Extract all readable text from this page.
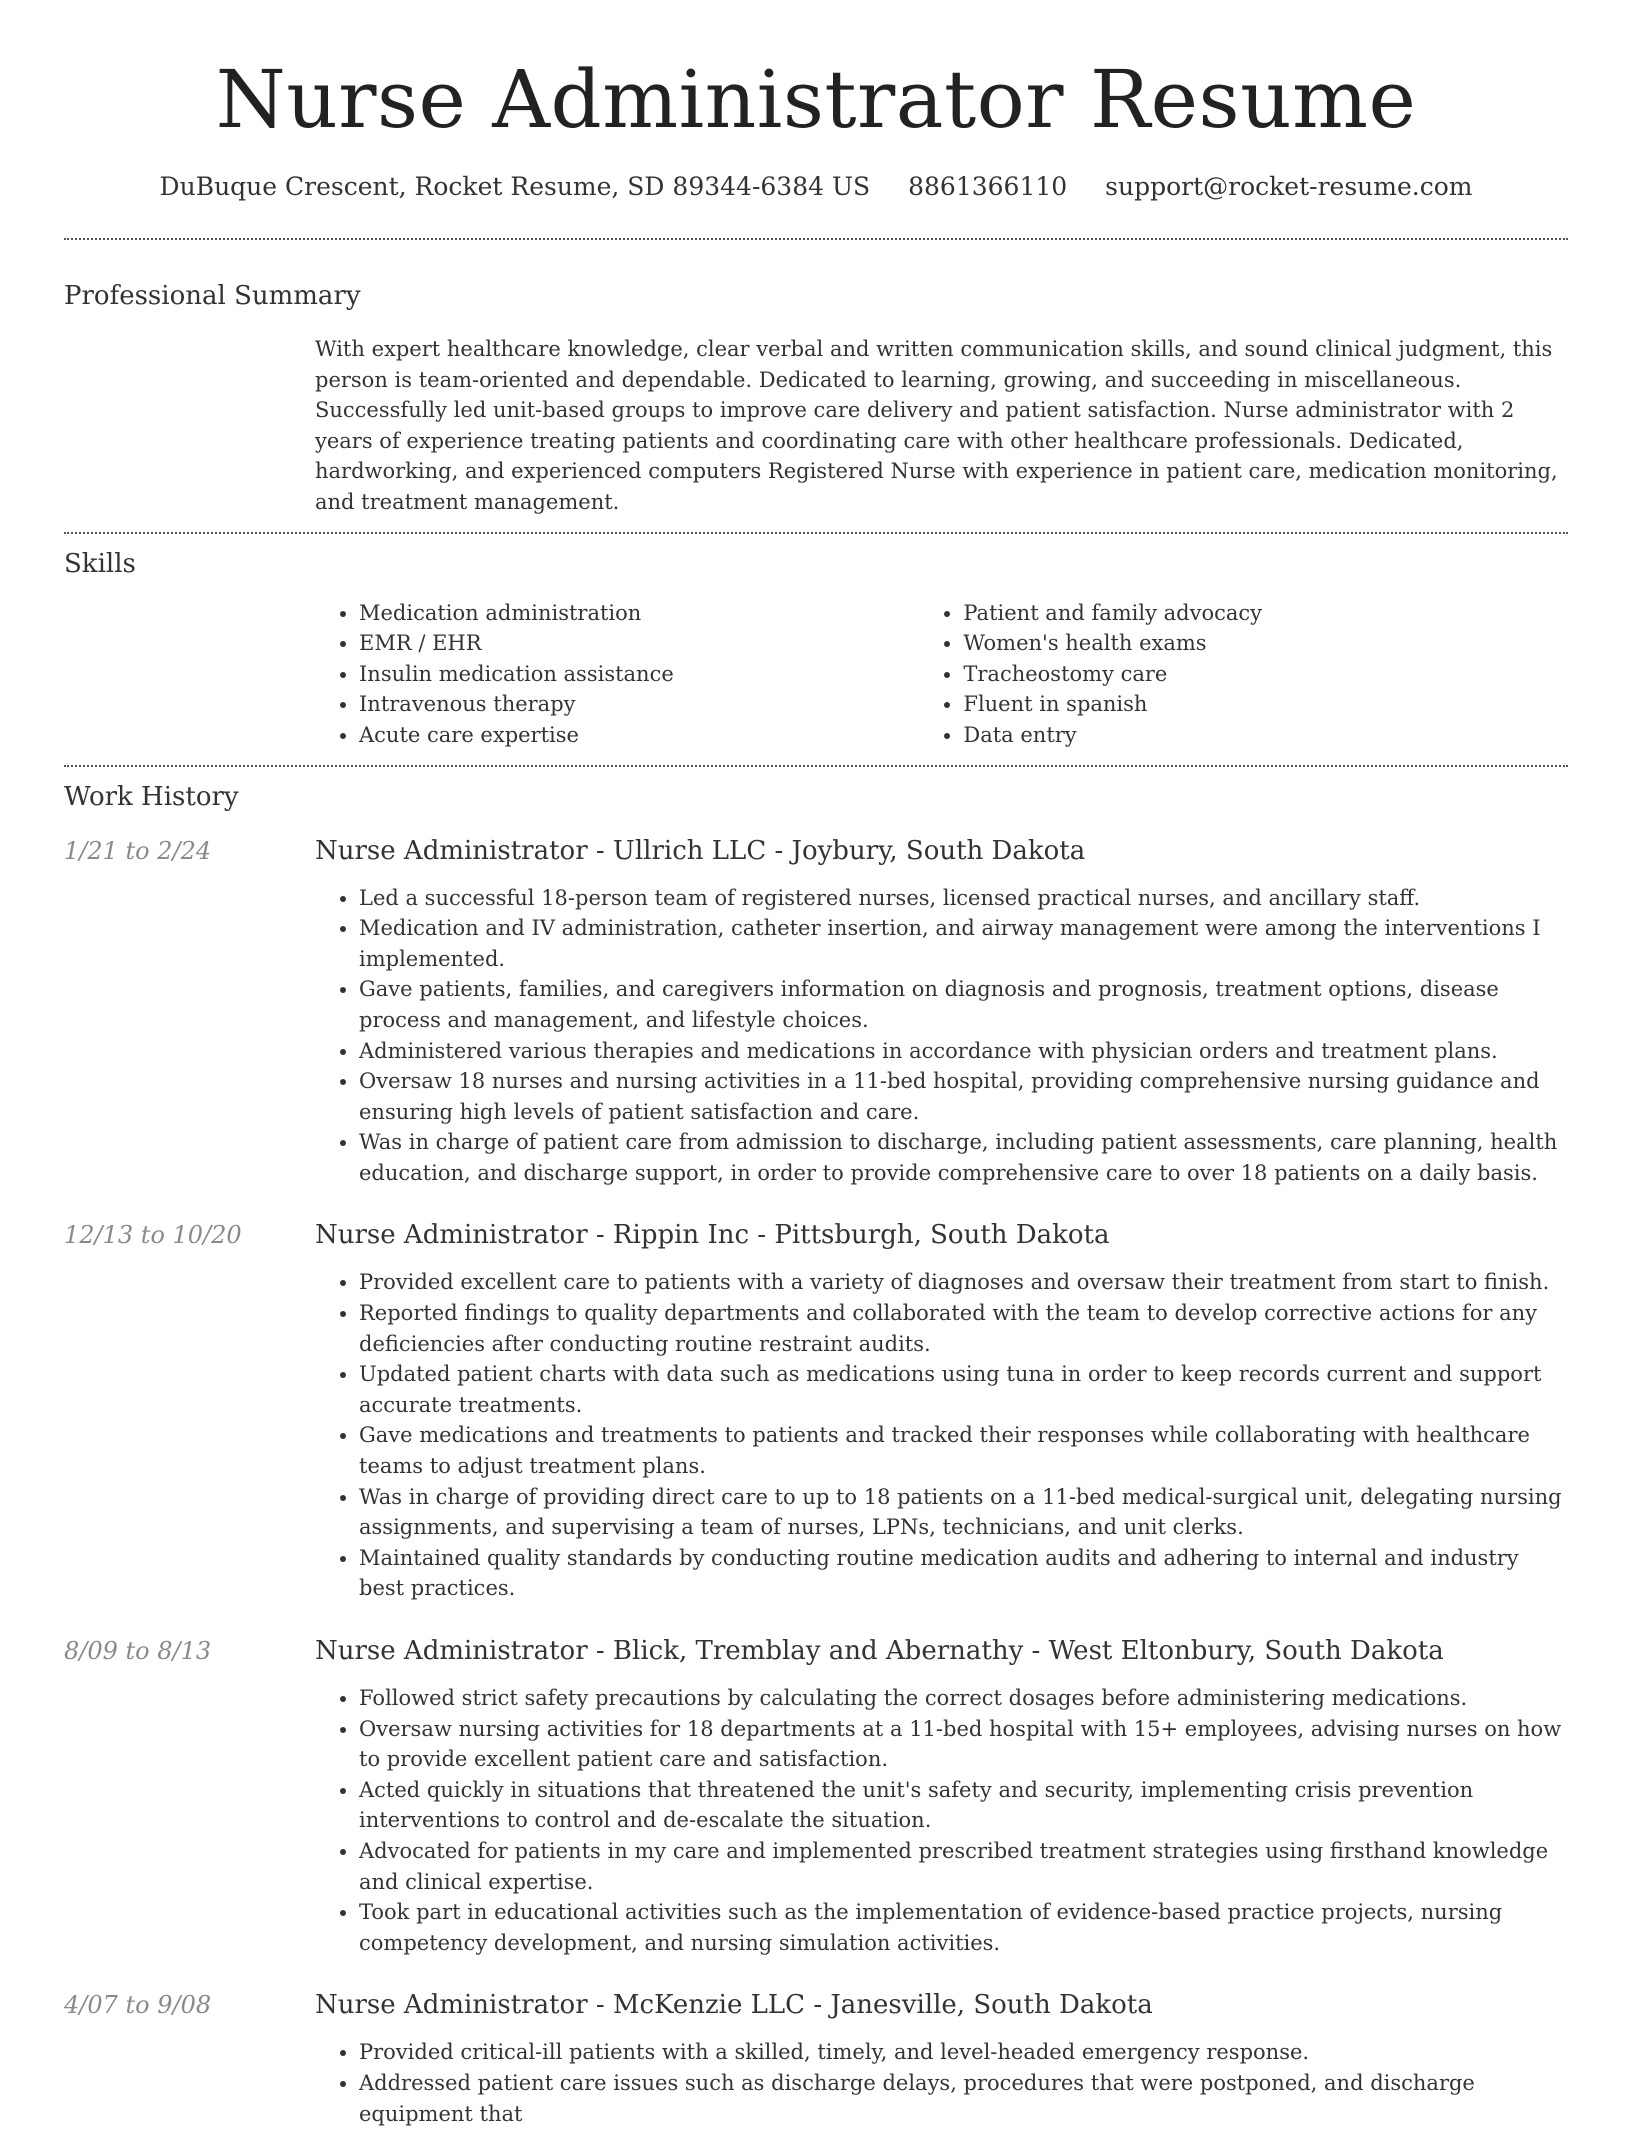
Nurse Administrator Resume
DuBuque Crescent, Rocket Resume, SD 89344-6384 US 8861366110 support@rocket-resume.com
Professional Summary

With expert healthcare knowledge, clear verbal and written communication skills, and sound clinical judgment, this person is team-oriented and dependable. Dedicated to learning, growing, and succeeding in miscellaneous. Successfully led unit-based groups to improve care delivery and patient satisfaction. Nurse administrator with 2 years of experience treating patients and coordinating care with other healthcare professionals. Dedicated, hardworking, and experienced computers Registered Nurse with experience in patient care, medication monitoring, and treatment management.

Skills
• Medication administration
• EMR / EHR
• Insulin medication assistance
• Intravenous therapy
• Acute care expertise
• Patient and family advocacy
• Women's health exams
• Tracheostomy care
• Fluent in spanish
• Data entry
Work History
1/21 to 2/24	Nurse Administrator - Ullrich LLC - Joybury, South Dakota
• Led a successful 18-person team of registered nurses, licensed practical nurses, and ancillary staff.
• Medication and IV administration, catheter insertion, and airway management were among the interventions I implemented.
• Gave patients, families, and caregivers information on diagnosis and prognosis, treatment options, disease process and management, and lifestyle choices.
• Administered various therapies and medications in accordance with physician orders and treatment plans.
• Oversaw 18 nurses and nursing activities in a 11-bed hospital, providing comprehensive nursing guidance and ensuring high levels of patient satisfaction and care.
• Was in charge of patient care from admission to discharge, including patient assessments, care planning, health education, and discharge support, in order to provide comprehensive care to over 18 patients on a daily basis.
12/13 to 10/20	Nurse Administrator - Rippin Inc - Pittsburgh, South Dakota
• Provided excellent care to patients with a variety of diagnoses and oversaw their treatment from start to finish.
• Reported findings to quality departments and collaborated with the team to develop corrective actions for any deficiencies after conducting routine restraint audits.
• Updated patient charts with data such as medications using tuna in order to keep records current and support accurate treatments.
• Gave medications and treatments to patients and tracked their responses while collaborating with healthcare teams to adjust treatment plans.
• Was in charge of providing direct care to up to 18 patients on a 11-bed medical-surgical unit, delegating nursing assignments, and supervising a team of nurses, LPNs, technicians, and unit clerks.
• Maintained quality standards by conducting routine medication audits and adhering to internal and industry best practices.
8/09 to 8/13	Nurse Administrator - Blick, Tremblay and Abernathy - West Eltonbury, South Dakota
• Followed strict safety precautions by calculating the correct dosages before administering medications.
• Oversaw nursing activities for 18 departments at a 11-bed hospital with 15+ employees, advising nurses on how to provide excellent patient care and satisfaction.
• Acted quickly in situations that threatened the unit's safety and security, implementing crisis prevention interventions to control and de-escalate the situation.
• Advocated for patients in my care and implemented prescribed treatment strategies using firsthand knowledge and clinical expertise.
• Took part in educational activities such as the implementation of evidence-based practice projects, nursing competency development, and nursing simulation activities.
4/07 to 9/08	Nurse Administrator - McKenzie LLC - Janesville, South Dakota
• Provided critical-ill patients with a skilled, timely, and level-headed emergency response.
• Addressed patient care issues such as discharge delays, procedures that were postponed, and discharge equipment that
